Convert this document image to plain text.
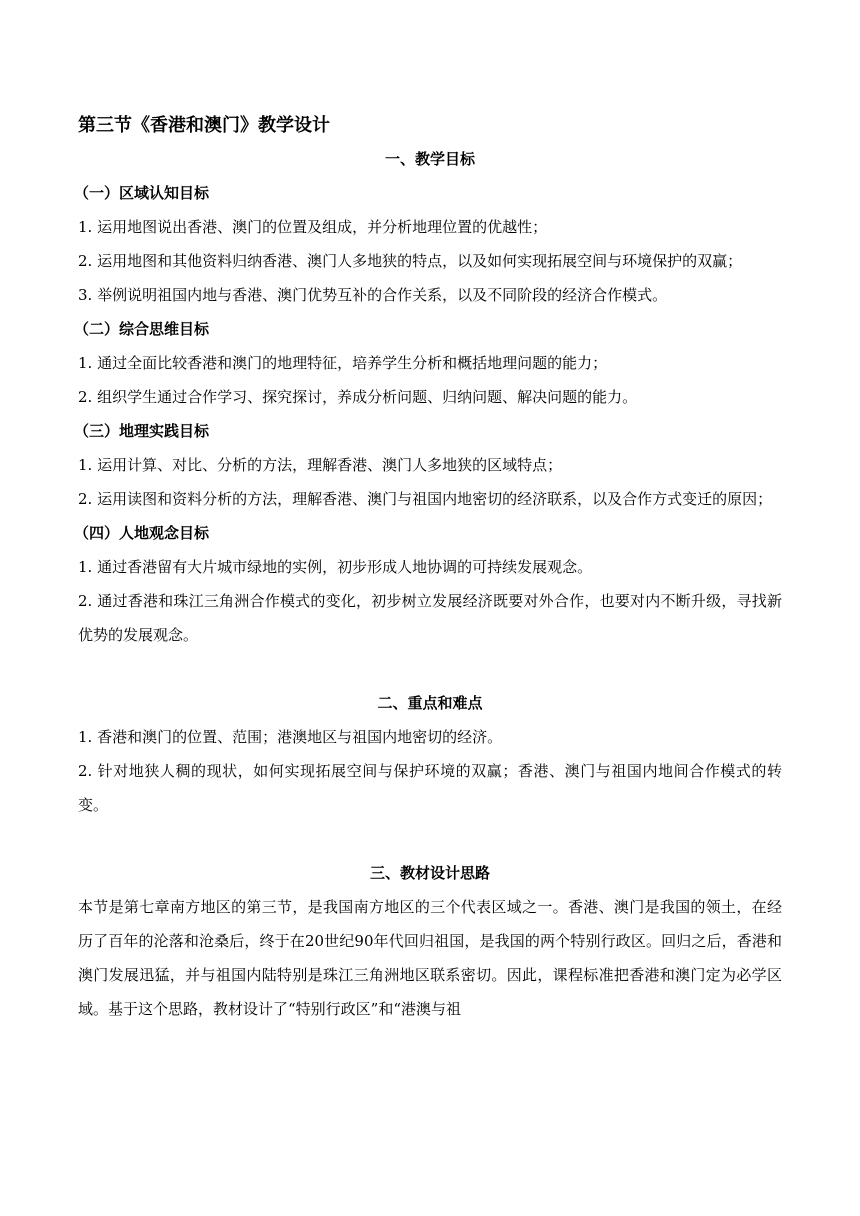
第三节《香港和澳门》教学设计
一、教学目标
（一）区域认知目标

1. 运用地图说出香港、澳门的位置及组成，并分析地理位置的优越性；

2. 运用地图和其他资料归纳香港、澳门人多地狭的特点，以及如何实现拓展空间与环境保护的双赢；

3. 举例说明祖国内地与香港、澳门优势互补的合作关系，以及不同阶段的经济合作模式。

（二）综合思维目标

1. 通过全面比较香港和澳门的地理特征，培养学生分析和概括地理问题的能力；

2. 组织学生通过合作学习、探究探讨，养成分析问题、归纳问题、解决问题的能力。

（三）地理实践目标

1. 运用计算、对比、分析的方法，理解香港、澳门人多地狭的区域特点；

2. 运用读图和资料分析的方法，理解香港、澳门与祖国内地密切的经济联系，以及合作方式变迁的原因；

（四）人地观念目标

1. 通过香港留有大片城市绿地的实例，初步形成人地协调的可持续发展观念。

2. 通过香港和珠江三角洲合作模式的变化，初步树立发展经济既要对外合作，也要对内不断升级，寻找新优势的发展观念。

二、重点和难点

1. 香港和澳门的位置、范围；港澳地区与祖国内地密切的经济。

2. 针对地狭人稠的现状，如何实现拓展空间与保护环境的双赢；香港、澳门与祖国内地间合作模式的转变。

三、教材设计思路

本节是第七章南方地区的第三节，是我国南方地区的三个代表区域之一。香港、澳门是我国的领土，在经历了百年的沦落和沧桑后，终于在20世纪90年代回归祖国，是我国的两个特别行政区。回归之后，香港和澳门发展迅猛，并与祖国内陆特别是珠江三角洲地区联系密切。因此，课程标准把香港和澳门定为必学区域。基于这个思路，教材设计了“特别行政区”和“港澳与祖
